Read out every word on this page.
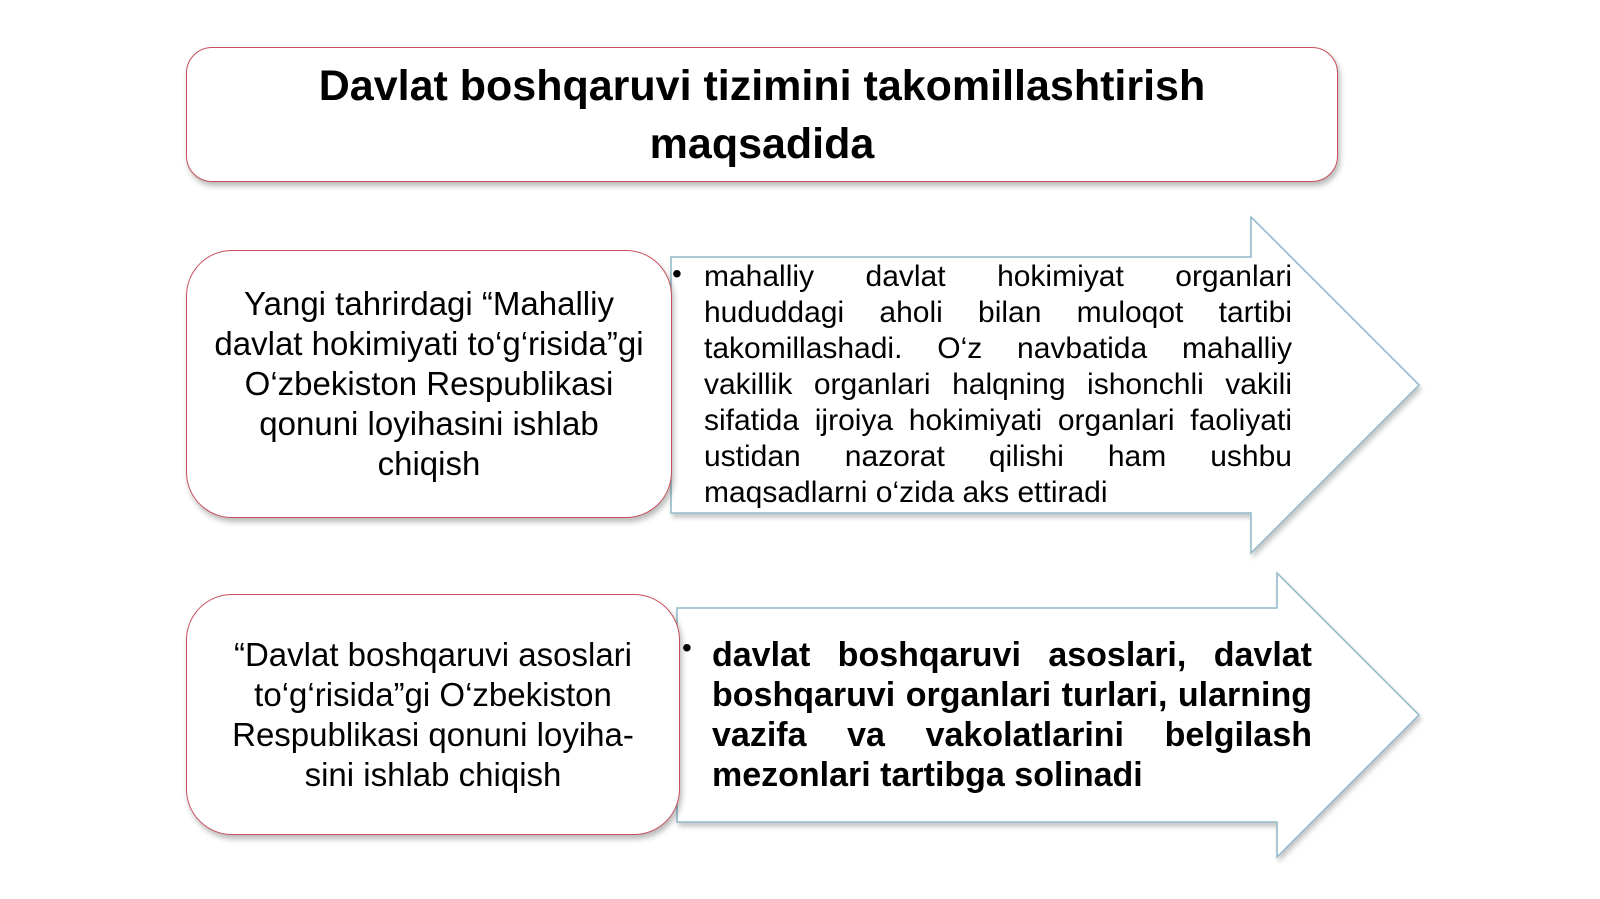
Davlat boshqaruvi tizimini takomillashtirish maqsadida
Yangi tahrirdagi “Mahalliy davlat hokimiyati to‘g‘risida”gi O‘zbekiston Respublikasi qonuni loyihasini ishlab chiqish
• mahalliy davlat hokimiyat organlari hududdagi aholi bilan muloqot tartibi takomillashadi. O‘z navbatida mahalliy vakillik organlari halqning ishonchli vakili sifatida ijroiya hokimiyati organlari faoliyati ustidan nazorat qilishi ham ushbu maqsadlarni o‘zida aks ettiradi
“Davlat boshqaruvi asoslari to‘g‘risida”gi O‘zbekiston Respublikasi qonuni loyiha-sini ishlab chiqish
• davlat boshqaruvi asoslari, davlat boshqaruvi organlari turlari, ularning vazifa va vakolatlarini belgilash mezonlari tartibga solinadi
